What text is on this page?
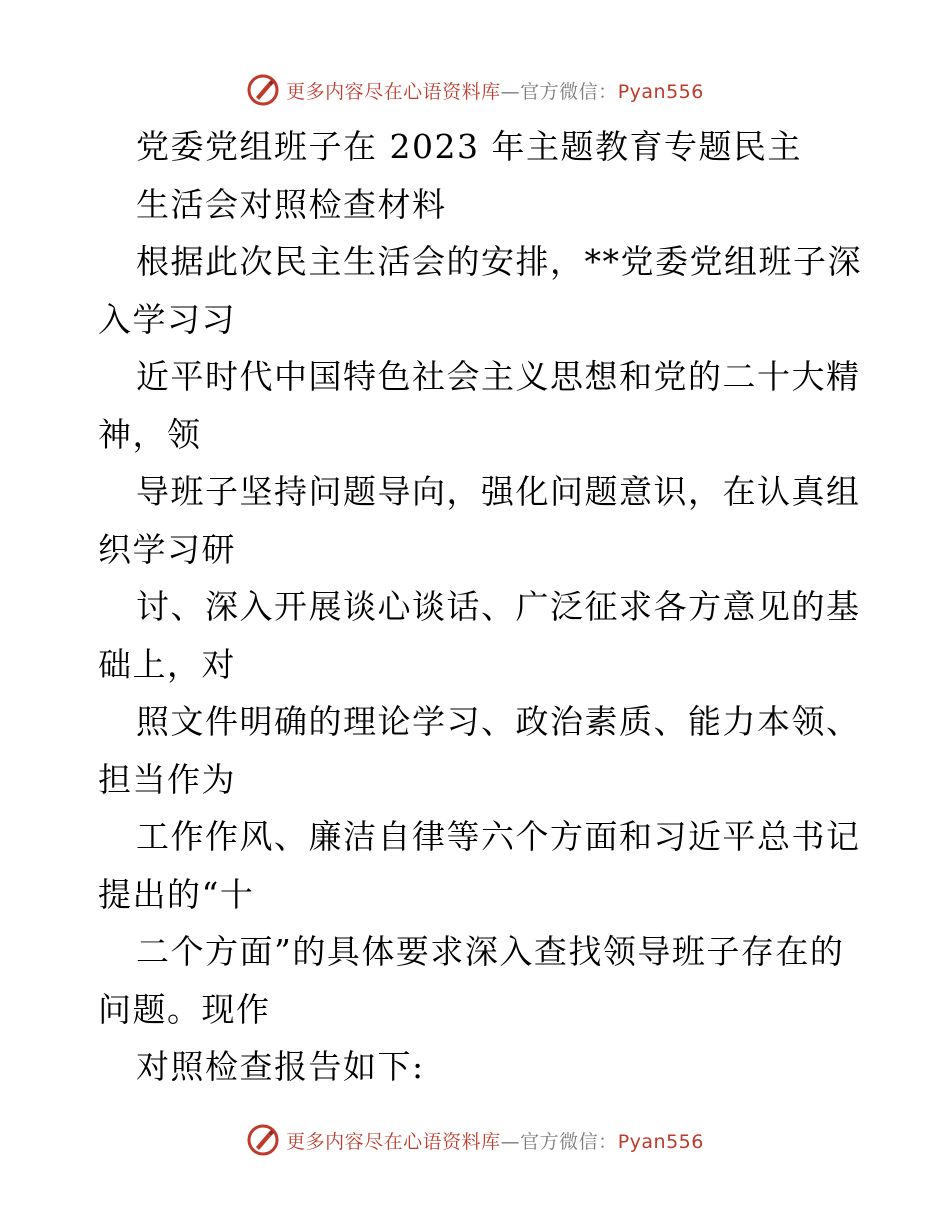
更多内容尽在心语资料库—官方微信：Pyan556
党委党组班子在 2023 年主题教育专题民主
生活会对照检查材料
根据此次民主生活会的安排，**党委党组班子深
入学习习
近平时代中国特色社会主义思想和党的二十大精
神，领
导班子坚持问题导向，强化问题意识，在认真组
织学习研
讨、深入开展谈心谈话、广泛征求各方意见的基
础上，对
照文件明确的理论学习、政治素质、能力本领、
担当作为
工作作风、廉洁自律等六个方面和习近平总书记
提出的“十
二个方面”的具体要求深入查找领导班子存在的
问题。现作
对照检查报告如下:
更多内容尽在心语资料库—官方微信：Pyan556
